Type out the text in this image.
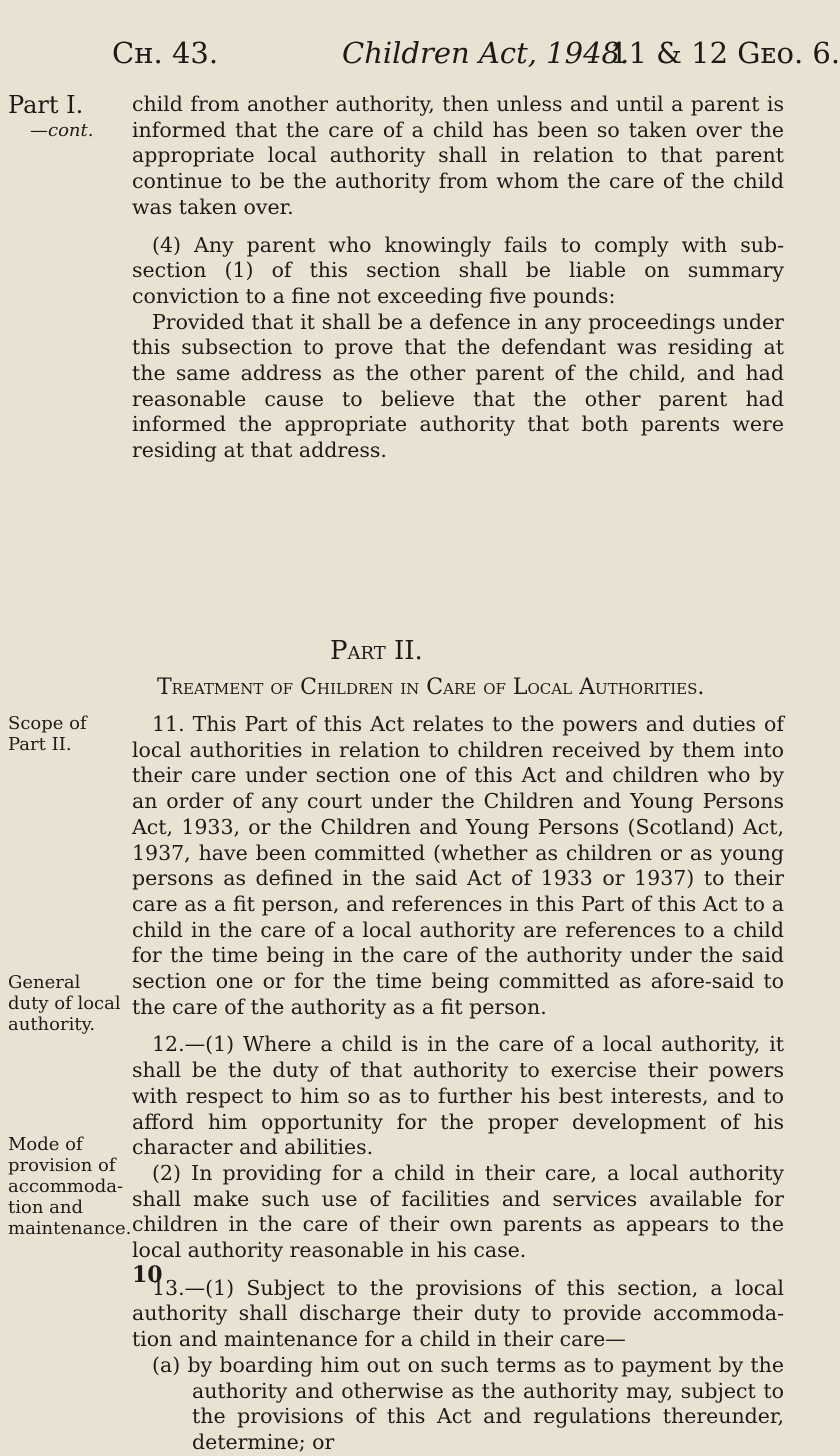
Cʜ. 43.	Children Act, 1948.
11 & 12 Gᴇᴏ. 6.
Part I.
—cont.
Scope of Part II.
General duty of local authority.
Mode of provision of accommoda-tion and maintenance.

child from another authority, then unless and until a parent is informed that the care of a child has been so taken over the appropriate local authority shall in relation to that parent continue to be the authority from whom the care of the child was taken over.

(4) Any parent who knowingly fails to comply with sub-section (1) of this section shall be liable on summary conviction to a fine not exceeding five pounds:

Provided that it shall be a defence in any proceedings under this subsection to prove that the defendant was residing at the same address as the other parent of the child, and had reasonable cause to believe that the other parent had informed the appropriate authority that both parents were residing at that address.

Part II.
Treatment of Children in Care of Local Authorities.

11. This Part of this Act relates to the powers and duties of local authorities in relation to children received by them into their care under section one of this Act and children who by an order of any court under the Children and Young Persons Act, 1933, or the Children and Young Persons (Scotland) Act, 1937, have been committed (whether as children or as young persons as defined in the said Act of 1933 or 1937) to their care as a fit person, and references in this Part of this Act to a child in the care of a local authority are references to a child for the time being in the care of the authority under the said section one or for the time being committed as afore-said to the care of the authority as a fit person.

12.—(1) Where a child is in the care of a local authority, it shall be the duty of that authority to exercise their powers with respect to him so as to further his best interests, and to afford him opportunity for the proper development of his character and abilities.

(2) In providing for a child in their care, a local authority shall make such use of facilities and services available for children in the care of their own parents as appears to the local authority reasonable in his case.

13.—(1) Subject to the provisions of this section, a local authority shall discharge their duty to provide accommoda-tion and maintenance for a child in their care—

(a) by boarding him out on such terms as to payment by the authority and otherwise as the authority may, subject to the provisions of this Act and regulations thereunder, determine; or

10
